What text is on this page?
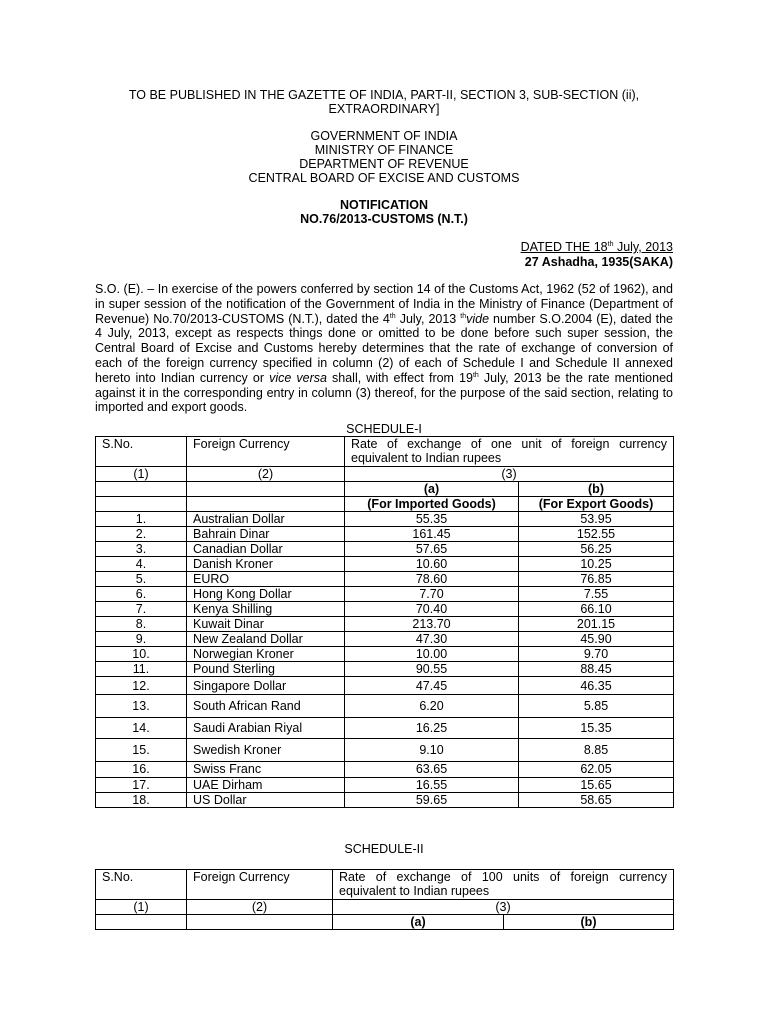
TO BE PUBLISHED IN THE GAZETTE OF INDIA, PART-II, SECTION 3, SUB-SECTION (ii),
EXTRAORDINARY]
GOVERNMENT OF INDIA
MINISTRY OF FINANCE
DEPARTMENT OF REVENUE
CENTRAL BOARD OF EXCISE AND CUSTOMS
NOTIFICATION
NO.76/2013-CUSTOMS (N.T.)
DATED THE 18th July, 2013
27 Ashadha, 1935(SAKA)
S.O. (E). – In exercise of the powers conferred by section 14 of the Customs Act, 1962 (52 of 1962), and in super session of the notification of the Government of India in the Ministry of Finance (Department of Revenue) No.70/2013-CUSTOMS (N.T.), dated the 4th July, 2013 $^{th}$vide number S.O.2004 (E), dated the 4 July, 2013, except as respects things done or omitted to be done before such super session, the Central Board of Excise and Customs hereby determines that the rate of exchange of conversion of each of the foreign currency specified in column (2) of each of Schedule I and Schedule II annexed hereto into Indian currency or vice versa shall, with effect from 19th July, 2013 be the rate mentioned against it in the corresponding entry in column (3) thereof, for the purpose of the said section, relating to imported and export goods.
SCHEDULE-I
S.No.	Foreign Currency	Rate of exchange of one unit of foreign currency equivalent to Indian rupees	
(1)	(2)	(3)	
		(a)	(b)
		(For Imported Goods)	(For Export Goods)
1.	Australian Dollar	55.35	53.95
2.	Bahrain Dinar	161.45	152.55
3.	Canadian Dollar	57.65	56.25
4.	Danish Kroner	10.60	10.25
5.	EURO	78.60	76.85
6.	Hong Kong Dollar	7.70	7.55
7.	Kenya Shilling	70.40	66.10
8.	Kuwait Dinar	213.70	201.15
9.	New Zealand Dollar	47.30	45.90
10.	Norwegian Kroner	10.00	9.70
11.	Pound Sterling	90.55	88.45
12.	Singapore Dollar	47.45	46.35
13.	South African Rand	6.20	5.85
14.	Saudi Arabian Riyal	16.25	15.35
15.	Swedish Kroner	9.10	8.85
16.	Swiss Franc	63.65	62.05
17.	UAE Dirham	16.55	15.65
18.	US Dollar	59.65	58.65
SCHEDULE-II
S.No.	Foreign Currency	Rate of exchange of 100 units of foreign currency equivalent to Indian rupees	
(1)	(2)	(3)	
		(a)	(b)
